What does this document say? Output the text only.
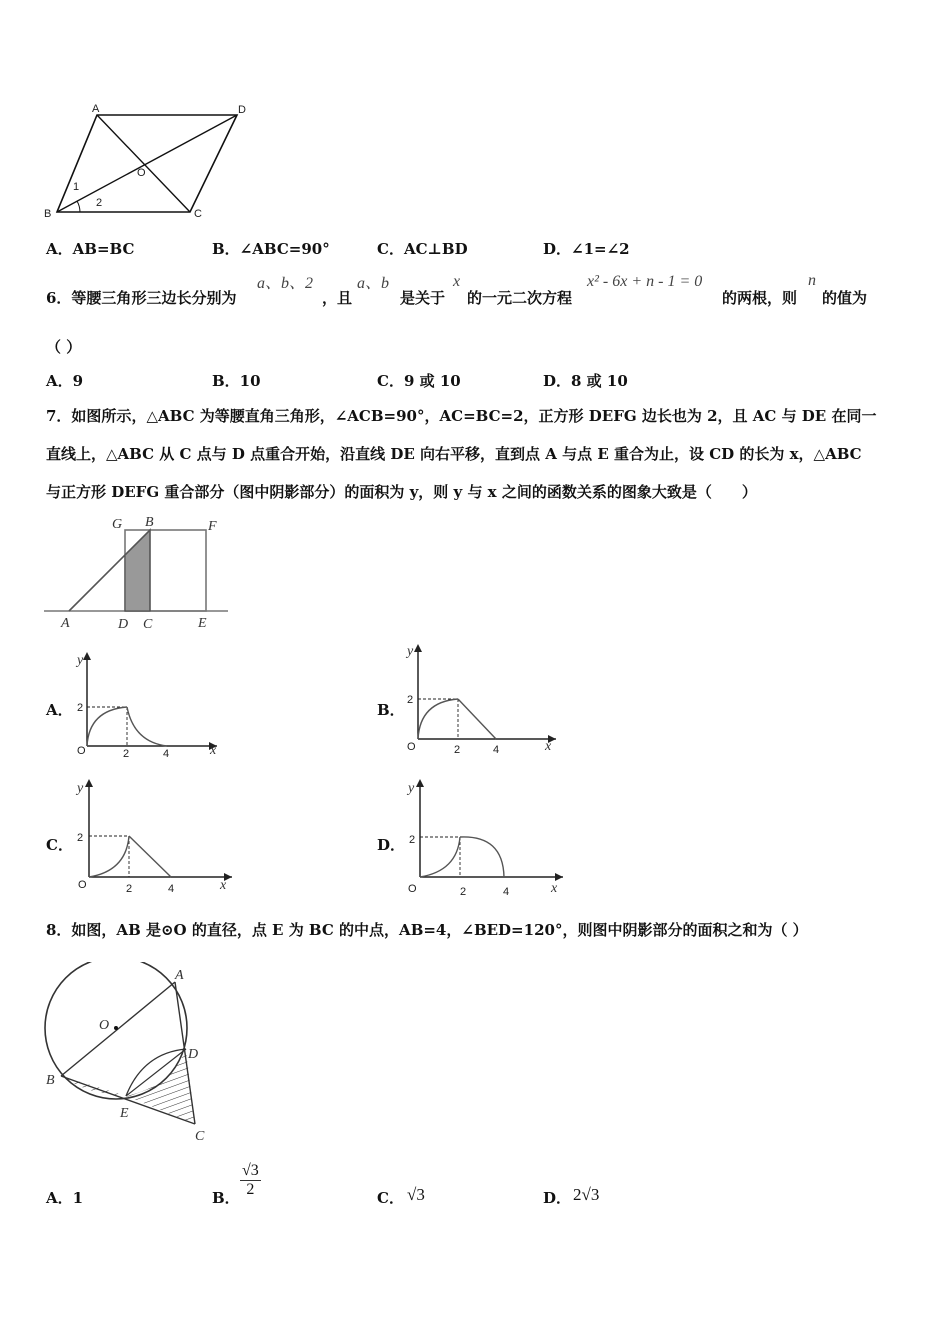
A	D
B	C
O
1
2
A．AB=BC	B．∠ABC=90°	C．AC⊥BD	D．∠1=∠2
6．等腰三角形三边长分别为
a、b、2
，且
a、b
是关于
x
的一元二次方程
x² - 6x + n - 1 = 0
的两根，则
n
的值为
（ ）
A．9	B．10	C．9 或 10	D．8 或 10
7．如图所示，△ABC 为等腰直角三角形，∠ACB=90°，AC=BC=2，正方形 DEFG 边长也为 2，且 AC 与 DE 在同一
直线上，△ABC 从 C 点与 D 点重合开始，沿直线 DE 向右平移，直到点 A 与点 E 重合为止，设 CD 的长为 x，△ABC
与正方形 DEFG 重合部分（图中阴影部分）的面积为 y，则 y 与 x 之间的函数关系的图象大致是（　　）
G B	F
A	D C	E
A．	B．
C．	D．
y
x
O
2
2	4
y
x
O
2
2	4
y
x
O
2
2	4
y
x
O
2
2	4
8．如图，AB 是⊙O 的直径，点 E 为 BC 的中点，AB=4，∠BED=120°，则图中阴影部分的面积之和为（ ）
A
O
D
B
E
C
A．1	B． $\frac{√3}{2}$	C． √3	D． 2√3
